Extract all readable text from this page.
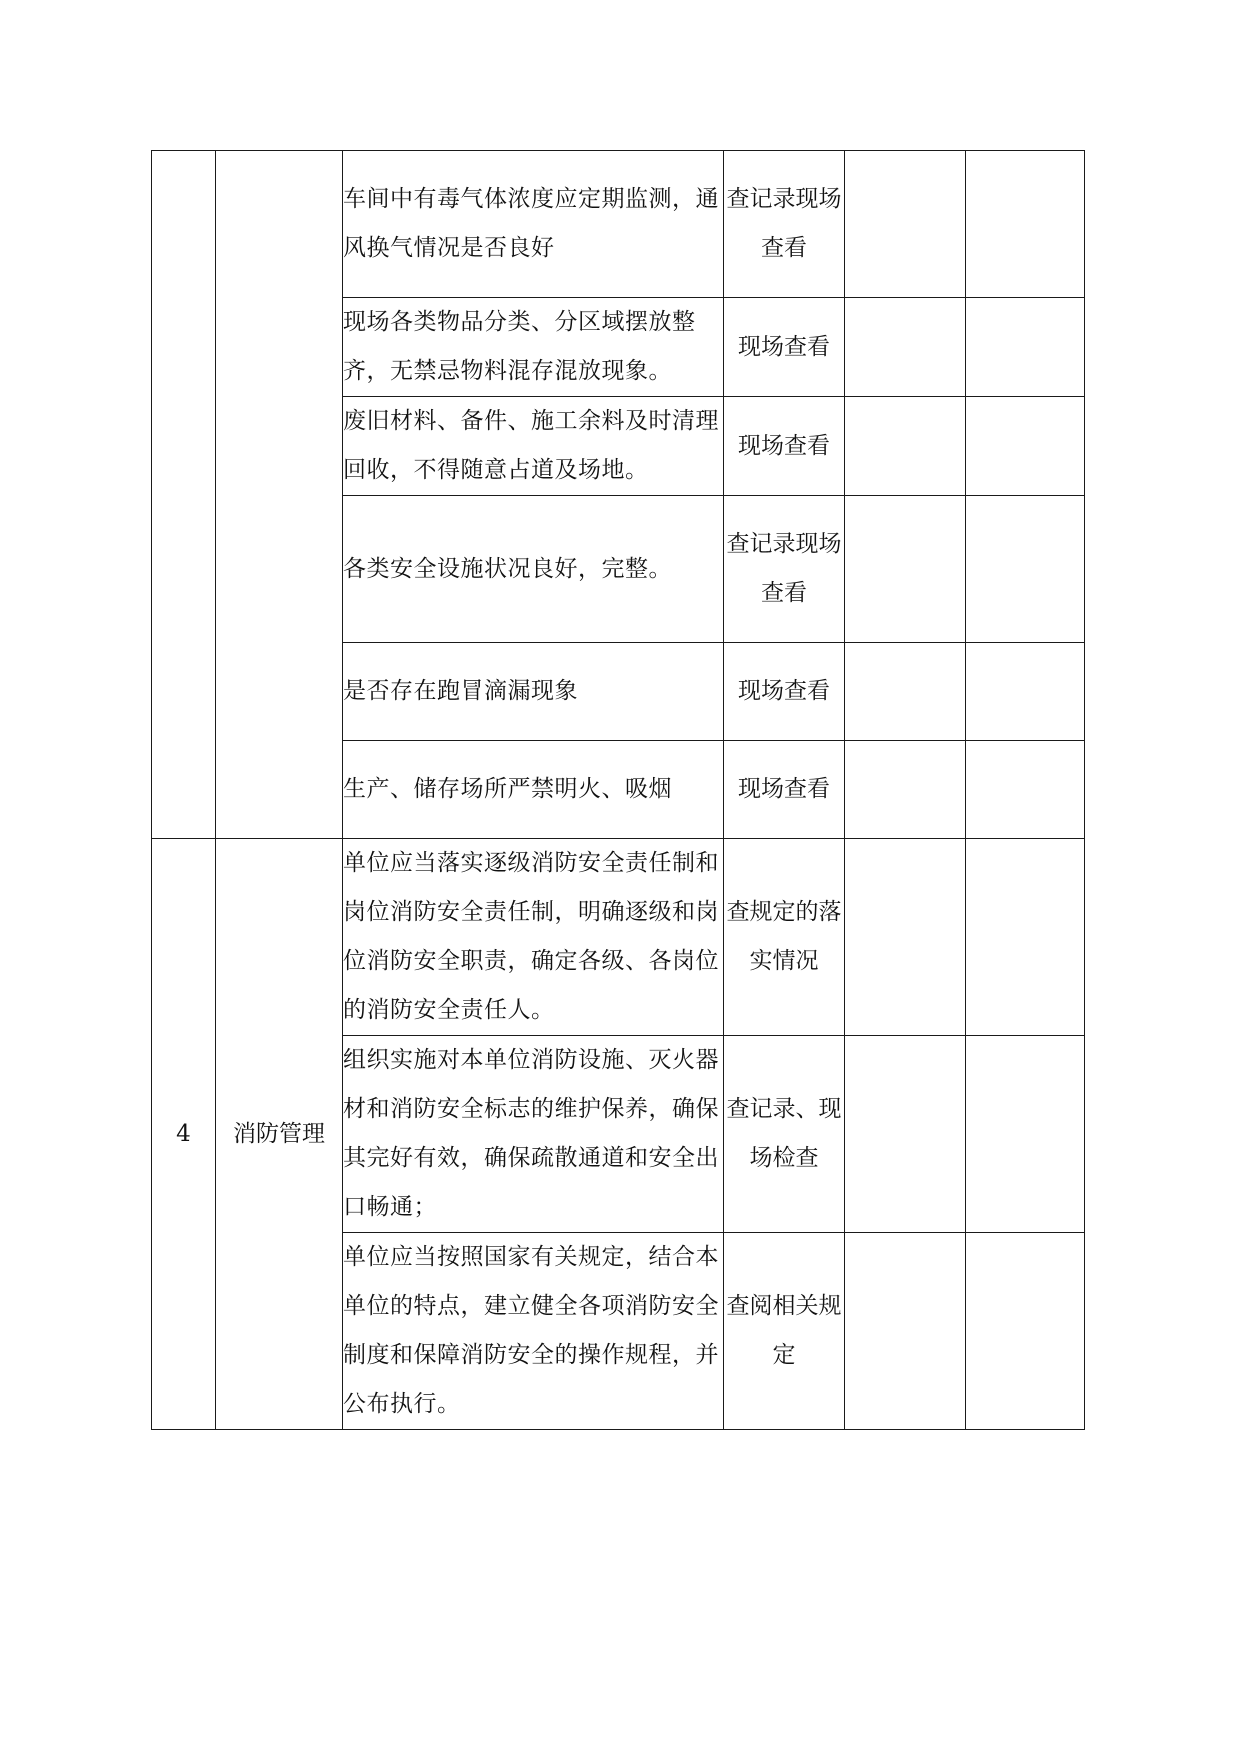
		车间中有毒气体浓度应定期监测，通风换气情况是否良好	查记录现场查看		
		现场各类物品分类、分区域摆放整齐，无禁忌物料混存混放现象。	现场查看		
		废旧材料、备件、施工余料及时清理回收，不得随意占道及场地。	现场查看		
		各类安全设施状况良好，完整。	查记录现场查看		
		是否存在跑冒滴漏现象	现场查看		
		生产、储存场所严禁明火、吸烟	现场查看		
4	消防管理	单位应当落实逐级消防安全责任制和岗位消防安全责任制，明确逐级和岗位消防安全职责，确定各级、各岗位的消防安全责任人。	查规定的落实情况		
		组织实施对本单位消防设施、灭火器材和消防安全标志的维护保养，确保其完好有效，确保疏散通道和安全出口畅通；	查记录、现场检查		
		单位应当按照国家有关规定，结合本单位的特点，建立健全各项消防安全制度和保障消防安全的操作规程，并公布执行。	查阅相关规定		
